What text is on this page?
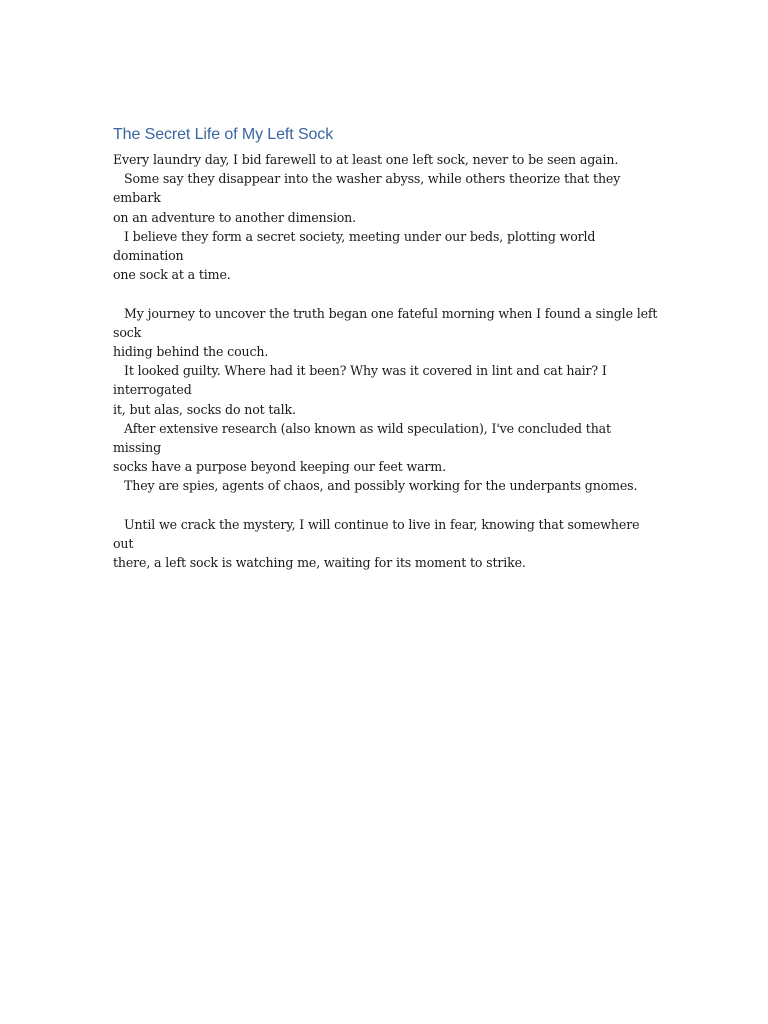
The Secret Life of My Left Sock

Every laundry day, I bid farewell to at least one left sock, never to be seen again.

Some say they disappear into the washer abyss, while others theorize that they embark

on an adventure to another dimension.

I believe they form a secret society, meeting under our beds, plotting world domination

one sock at a time.

My journey to uncover the truth began one fateful morning when I found a single left sock

hiding behind the couch.

It looked guilty. Where had it been? Why was it covered in lint and cat hair? I interrogated

it, but alas, socks do not talk.

After extensive research (also known as wild speculation), I've concluded that missing

socks have a purpose beyond keeping our feet warm.

They are spies, agents of chaos, and possibly working for the underpants gnomes.

Until we crack the mystery, I will continue to live in fear, knowing that somewhere out

there, a left sock is watching me, waiting for its moment to strike.
